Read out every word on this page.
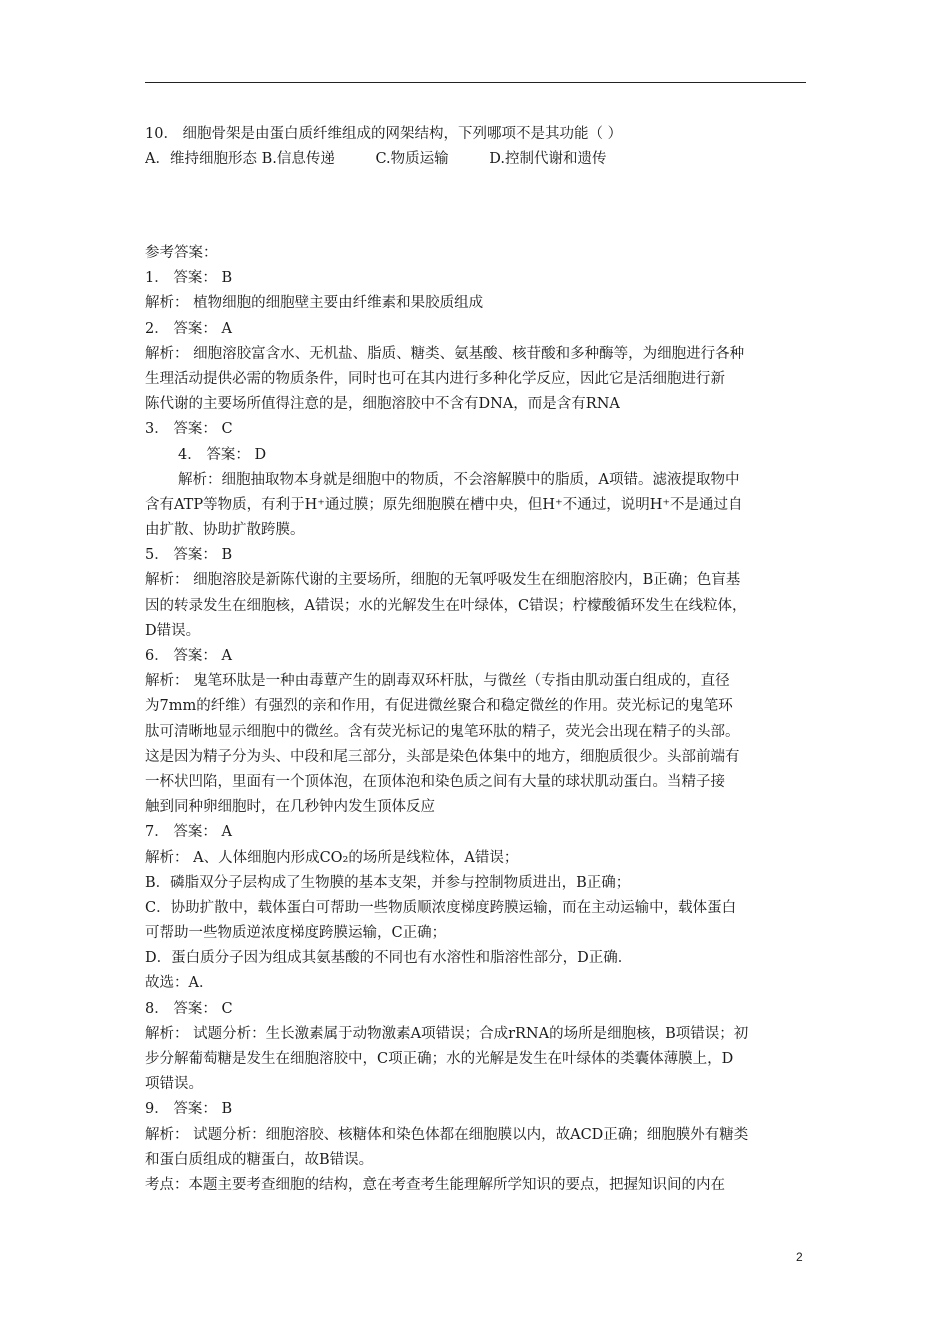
10． 细胞骨架是由蛋白质纤维组成的网架结构，下列哪项不是其功能（ ）
A．维持细胞形态 B.信息传递	C.物质运输	D.控制代谢和遗传
参考答案：
1． 答案： B
解析： 植物细胞的细胞壁主要由纤维素和果胶质组成
2． 答案： A
解析： 细胞溶胶富含水、无机盐、脂质、糖类、氨基酸、核苷酸和多种酶等，为细胞进行各种
生理活动提供必需的物质条件，同时也可在其内进行多种化学反应，因此它是活细胞进行新
陈代谢的主要场所值得注意的是，细胞溶胶中不含有DNA，而是含有RNA
3． 答案： C
4． 答案： D
解析：细胞抽取物本身就是细胞中的物质，不会溶解膜中的脂质，A项错。滤液提取物中
含有ATP等物质，有利于H⁺通过膜；原先细胞膜在槽中央，但H⁺不通过，说明H⁺不是通过自
由扩散、协助扩散跨膜。
5． 答案： B
解析： 细胞溶胶是新陈代谢的主要场所，细胞的无氧呼吸发生在细胞溶胶内，B正确；色盲基
因的转录发生在细胞核，A错误；水的光解发生在叶绿体，C错误；柠檬酸循环发生在线粒体，
D错误。
6． 答案： A
解析： 鬼笔环肽是一种由毒蕈产生的剧毒双环杆肽，与微丝（专指由肌动蛋白组成的，直径
为7mm的纤维）有强烈的亲和作用，有促进微丝聚合和稳定微丝的作用。荧光标记的鬼笔环
肽可清晰地显示细胞中的微丝。含有荧光标记的鬼笔环肽的精子，荧光会出现在精子的头部。
这是因为精子分为头、中段和尾三部分，头部是染色体集中的地方，细胞质很少。头部前端有
一杯状凹陷，里面有一个顶体泡，在顶体泡和染色质之间有大量的球状肌动蛋白。当精子接
触到同种卵细胞时，在几秒钟内发生顶体反应
7． 答案： A
解析： A、人体细胞内形成CO₂的场所是线粒体，A错误；
B．磷脂双分子层构成了生物膜的基本支架，并参与控制物质进出，B正确；
C．协助扩散中，载体蛋白可帮助一些物质顺浓度梯度跨膜运输，而在主动运输中，载体蛋白
可帮助一些物质逆浓度梯度跨膜运输，C正确；
D．蛋白质分子因为组成其氨基酸的不同也有水溶性和脂溶性部分，D正确．
故选：A．
8． 答案： C
解析： 试题分析：生长激素属于动物激素A项错误；合成rRNA的场所是细胞核，B项错误；初
步分解葡萄糖是发生在细胞溶胶中，C项正确；水的光解是发生在叶绿体的类囊体薄膜上，D
项错误。
9． 答案： B
解析： 试题分析：细胞溶胶、核糖体和染色体都在细胞膜以内，故ACD正确；细胞膜外有糖类
和蛋白质组成的糖蛋白，故B错误。
考点：本题主要考查细胞的结构，意在考查考生能理解所学知识的要点，把握知识间的内在
2
